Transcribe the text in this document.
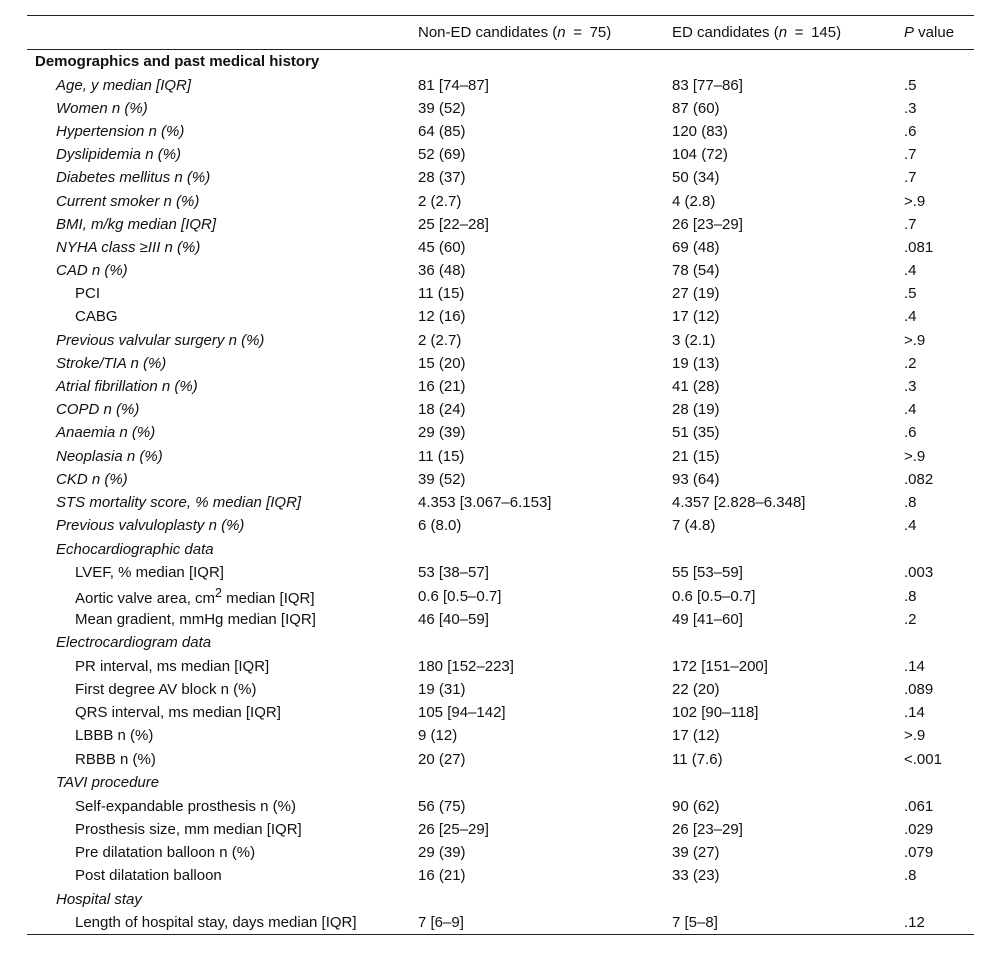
	Non-ED candidates (n = 75)	ED candidates (n = 145)	P value
Demographics and past medical history			
Age, y median [IQR]	81 [74–87]	83 [77–86]	.5
Women n (%)	39 (52)	87 (60)	.3
Hypertension n (%)	64 (85)	120 (83)	.6
Dyslipidemia n (%)	52 (69)	104 (72)	.7
Diabetes mellitus n (%)	28 (37)	50 (34)	.7
Current smoker n (%)	2 (2.7)	4 (2.8)	>.9
BMI, m/kg median [IQR]	25 [22–28]	26 [23–29]	.7
NYHA class ≥III n (%)	45 (60)	69 (48)	.081
CAD n (%)	36 (48)	78 (54)	.4
PCI	11 (15)	27 (19)	.5
CABG	12 (16)	17 (12)	.4
Previous valvular surgery n (%)	2 (2.7)	3 (2.1)	>.9
Stroke/TIA n (%)	15 (20)	19 (13)	.2
Atrial fibrillation n (%)	16 (21)	41 (28)	.3
COPD n (%)	18 (24)	28 (19)	.4
Anaemia n (%)	29 (39)	51 (35)	.6
Neoplasia n (%)	11 (15)	21 (15)	>.9
CKD n (%)	39 (52)	93 (64)	.082
STS mortality score, % median [IQR]	4.353 [3.067–6.153]	4.357 [2.828–6.348]	.8
Previous valvuloplasty n (%)	6 (8.0)	7 (4.8)	.4
Echocardiographic data			
LVEF, % median [IQR]	53 [38–57]	55 [53–59]	.003
Aortic valve area, $cm^2$ median [IQR]	0.6 [0.5–0.7]	0.6 [0.5–0.7]	.8
Mean gradient, mmHg median [IQR]	46 [40–59]	49 [41–60]	.2
Electrocardiogram data			
PR interval, ms median [IQR]	180 [152–223]	172 [151–200]	.14
First degree AV block n (%)	19 (31)	22 (20)	.089
QRS interval, ms median [IQR]	105 [94–142]	102 [90–118]	.14
LBBB n (%)	9 (12)	17 (12)	>.9
RBBB n (%)	20 (27)	11 (7.6)	<.001
TAVI procedure			
Self-expandable prosthesis n (%)	56 (75)	90 (62)	.061
Prosthesis size, mm median [IQR]	26 [25–29]	26 [23–29]	.029
Pre dilatation balloon n (%)	29 (39)	39 (27)	.079
Post dilatation balloon	16 (21)	33 (23)	.8
Hospital stay			
Length of hospital stay, days median [IQR]	7 [6–9]	7 [5–8]	.12
